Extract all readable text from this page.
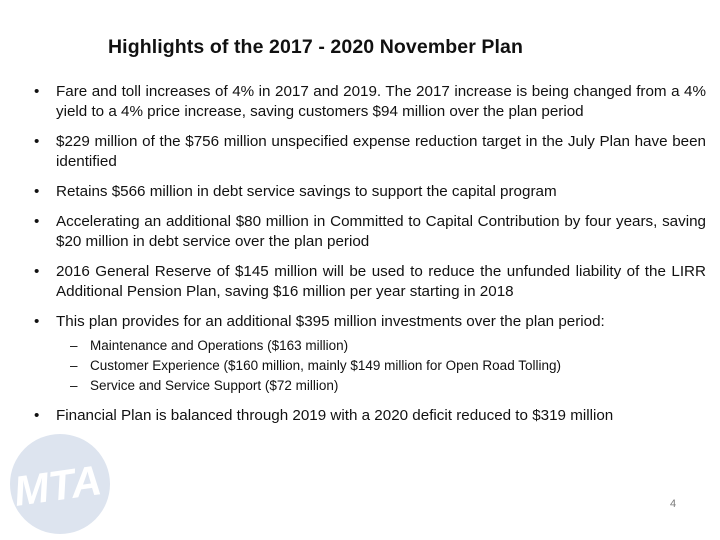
Highlights of the 2017 - 2020 November Plan
•	Fare and toll increases of 4% in 2017 and 2019. The 2017 increase is being changed from a 4% yield to a 4% price increase, saving customers $94 million over the plan period
•	$229 million of the $756 million unspecified expense reduction target in the July Plan have been identified
•	Retains $566 million in debt service savings to support the capital program
•	Accelerating an additional $80 million in Committed to Capital Contribution by four years, saving $20 million in debt service over the plan period
•	2016 General Reserve of $145 million will be used to reduce the unfunded liability of the LIRR Additional Pension Plan, saving $16 million per year starting in 2018
•	This plan provides for an additional $395 million investments over the plan period:
– Maintenance and Operations ($163 million)
– Customer Experience ($160 million, mainly $149 million for Open Road Tolling)
– Service and Service Support ($72 million)
•	Financial Plan is balanced through 2019 with a 2020 deficit reduced to $319 million
MTA	4
